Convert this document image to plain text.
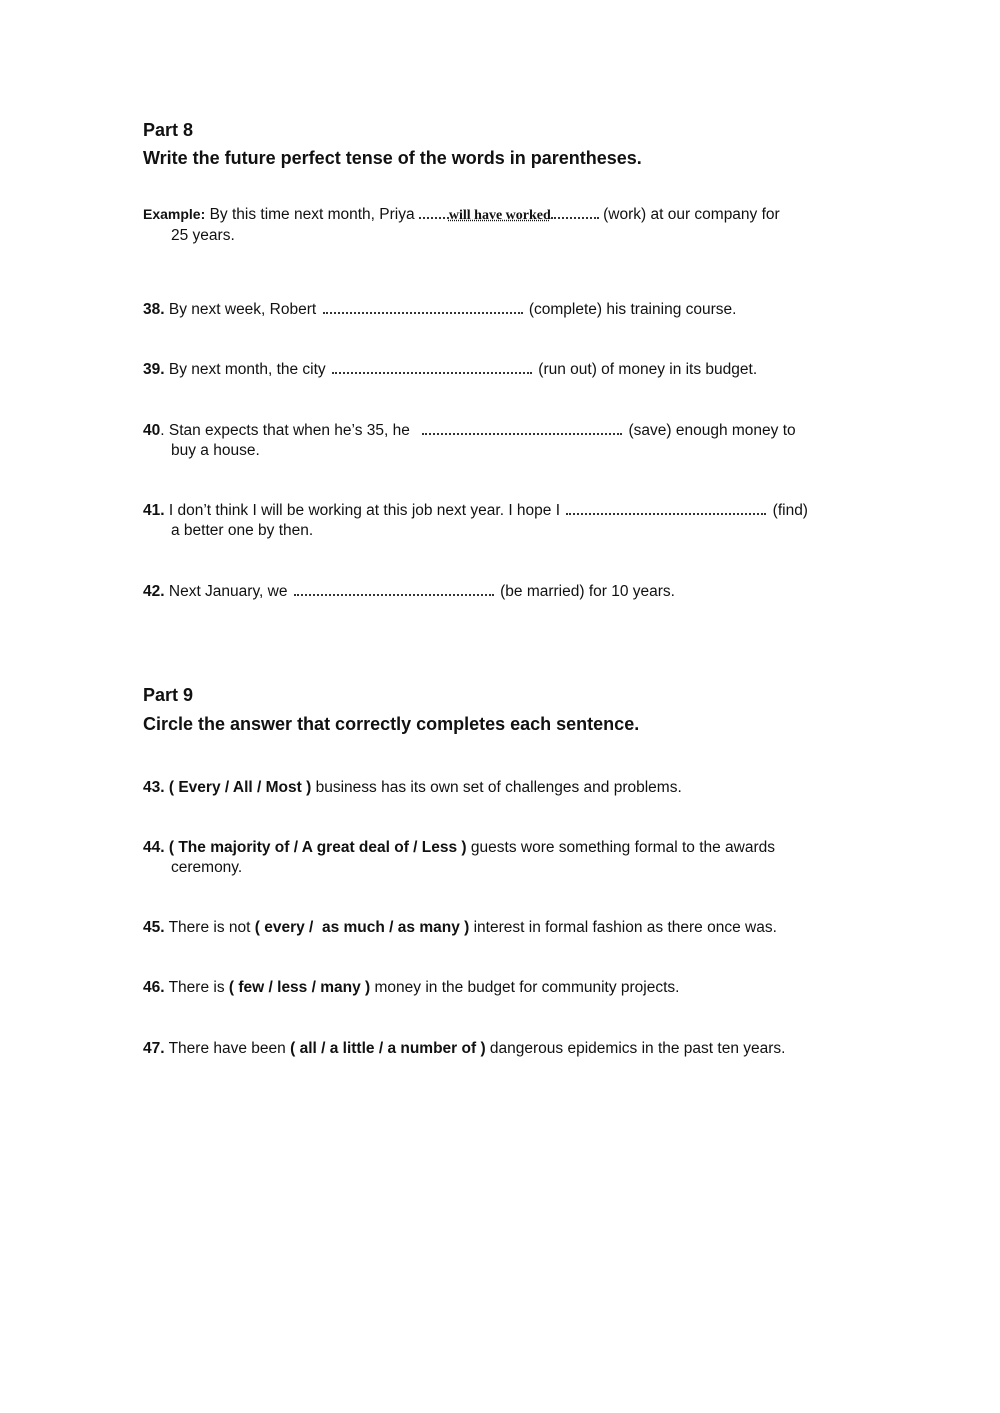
Part 8
Write the future perfect tense of the words in parentheses.
Example: By this time next month, Priya will have worked	(work) at our company for
25 years.
38. By next week, Robert	(complete) his training course.
39. By next month, the city	(run out) of money in its budget.
40. Stan expects that when he’s 35, he	(save) enough money to
buy a house.
41. I don’t think I will be working at this job next year. I hope I	(find)
a better one by then.
42. Next January, we	(be married) for 10 years.
Part 9
Circle the answer that correctly completes each sentence.
43. ( Every / All / Most ) business has its own set of challenges and problems.
44. ( The majority of / A great deal of / Less ) guests wore something formal to the awards
ceremony.
45. There is not ( every /  as much / as many ) interest in formal fashion as there once was.
46. There is ( few / less / many ) money in the budget for community projects.
47. There have been ( all / a little / a number of ) dangerous epidemics in the past ten years.
